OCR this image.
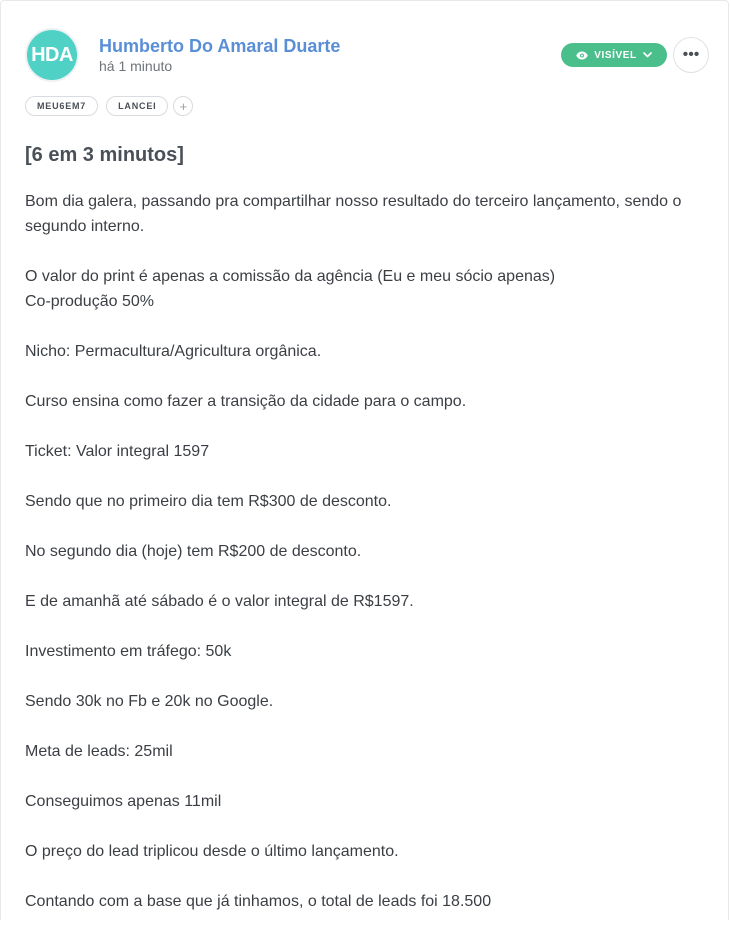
HDA Humberto Do Amaral Duarte
há 1 minuto
VISÍVEL	•••
MEU6EM7	LANCEI	+
[6 em 3 minutos]

Bom dia galera, passando pra compartilhar nosso resultado do terceiro lançamento, sendo o segundo interno.

O valor do print é apenas a comissão da agência (Eu e meu sócio apenas)
Co-produção 50%

Nicho: Permacultura/Agricultura orgânica.

Curso ensina como fazer a transição da cidade para o campo.

Ticket: Valor integral 1597

Sendo que no primeiro dia tem R$300 de desconto.

No segundo dia (hoje) tem R$200 de desconto.

E de amanhã até sábado é o valor integral de R$1597.

Investimento em tráfego: 50k

Sendo 30k no Fb e 20k no Google.

Meta de leads: 25mil

Conseguimos apenas 11mil

O preço do lead triplicou desde o último lançamento.

Contando com a base que já tinhamos, o total de leads foi 18.500
